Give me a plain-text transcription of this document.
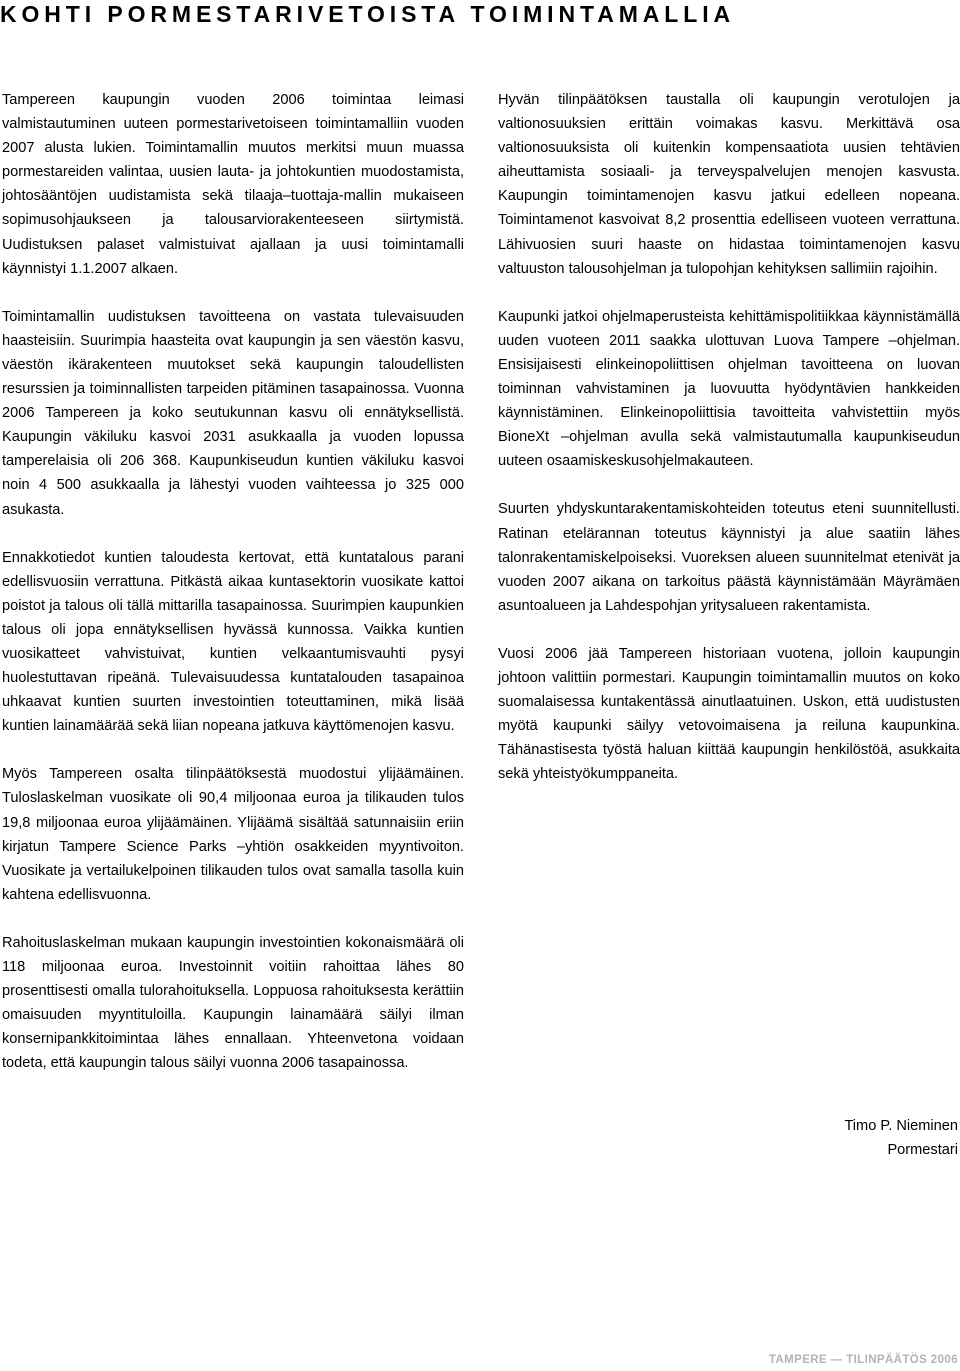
KOHTI PORMESTARIVETOISTA TOIMINTAMALLIA

Tampereen kaupungin vuoden 2006 toimintaa leimasi valmistautuminen uuteen pormestarivetoiseen toimintamalliin vuoden 2007 alusta lukien. Toimintamallin muutos merkitsi muun muassa pormestareiden valintaa, uusien lauta- ja johtokuntien muodostamista, johtosääntöjen uudistamista sekä tilaaja–tuottaja-mallin mukaiseen sopimusohjaukseen ja talousarviorakenteeseen siirtymistä. Uudistuksen palaset valmistuivat ajallaan ja uusi toimintamalli käynnistyi 1.1.2007 alkaen.

Toimintamallin uudistuksen tavoitteena on vastata tulevaisuuden haasteisiin. Suurimpia haasteita ovat kaupungin ja sen väestön kasvu, väestön ikärakenteen muutokset sekä kaupungin taloudellisten resurssien ja toiminnallisten tarpeiden pitäminen tasapainossa. Vuonna 2006 Tampereen ja koko seutukunnan kasvu oli ennätyksellistä. Kaupungin väkiluku kasvoi 2031 asukkaalla ja vuoden lopussa tamperelaisia oli 206 368. Kaupunkiseudun kuntien väkiluku kasvoi noin 4 500 asukkaalla ja lähestyi vuoden vaihteessa jo 325 000 asukasta.

Ennakkotiedot kuntien taloudesta kertovat, että kuntatalous parani edellisvuosiin verrattuna. Pitkästä aikaa kuntasektorin vuosikate kattoi poistot ja talous oli tällä mittarilla tasapainossa. Suurimpien kaupunkien talous oli jopa ennätyksellisen hyvässä kunnossa. Vaikka kuntien vuosikatteet vahvistuivat, kuntien velkaantumisvauhti pysyi huolestuttavan ripeänä. Tulevaisuudessa kuntatalouden tasapainoa uhkaavat kuntien suurten investointien toteuttaminen, mikä lisää kuntien lainamäärää sekä liian nopeana jatkuva käyttömenojen kasvu.

Myös Tampereen osalta tilinpäätöksestä muodostui ylijäämäinen. Tuloslaskelman vuosikate oli 90,4 miljoonaa euroa ja tilikauden tulos 19,8 miljoonaa euroa ylijäämäinen. Ylijäämä sisältää satunnaisiin eriin kirjatun Tampere Science Parks –yhtiön osakkeiden myyntivoiton. Vuosikate ja vertailukelpoinen tilikauden tulos ovat samalla tasolla kuin kahtena edellisvuonna.

Rahoituslaskelman mukaan kaupungin investointien kokonaismäärä oli 118 miljoonaa euroa. Investoinnit voitiin rahoittaa lähes 80 prosenttisesti omalla tulorahoituksella. Loppuosa rahoituksesta kerättiin omaisuuden myyntituloilla. Kaupungin lainamäärä säilyi ilman konsernipankkitoimintaa lähes ennallaan. Yhteenvetona voidaan todeta, että kaupungin talous säilyi vuonna 2006 tasapainossa.

Hyvän tilinpäätöksen taustalla oli kaupungin verotulojen ja valtionosuuksien erittäin voimakas kasvu. Merkittävä osa valtionosuuksista oli kuitenkin kompensaatiota uusien tehtävien aiheuttamista sosiaali- ja terveyspalvelujen menojen kasvusta. Kaupungin toimintamenojen kasvu jatkui edelleen nopeana. Toimintamenot kasvoivat 8,2 prosenttia edelliseen vuoteen verrattuna. Lähivuosien suuri haaste on hidastaa toimintamenojen kasvu valtuuston talousohjelman ja tulopohjan kehityksen sallimiin rajoihin.

Kaupunki jatkoi ohjelmaperusteista kehittämispolitiikkaa käynnistämällä uuden vuoteen 2011 saakka ulottuvan Luova Tampere –ohjelman. Ensisijaisesti elinkeinopoliittisen ohjelman tavoitteena on luovan toiminnan vahvistaminen ja luovuutta hyödyntävien hankkeiden käynnistäminen. Elinkeinopoliittisia tavoitteita vahvistettiin myös BioneXt –ohjelman avulla sekä valmistautumalla kaupunkiseudun uuteen osaamiskeskusohjelmakauteen.

Suurten yhdyskuntarakentamiskohteiden toteutus eteni suunnitellusti. Ratinan etelärannan toteutus käynnistyi ja alue saatiin lähes talonrakentamiskelpoiseksi. Vuoreksen alueen suunnitelmat etenivät ja vuoden 2007 aikana on tarkoitus päästä käynnistämään Mäyrämäen asuntoalueen ja Lahdespohjan yritysalueen rakentamista.

Vuosi 2006 jää Tampereen historiaan vuotena, jolloin kaupungin johtoon valittiin pormestari. Kaupungin toimintamallin muutos on koko suomalaisessa kuntakentässä ainutlaatuinen. Uskon, että uudistusten myötä kaupunki säilyy vetovoimaisena ja reiluna kaupunkina. Tähänastisesta työstä haluan kiittää kaupungin henkilöstöä, asukkaita sekä yhteistyökumppaneita.

Timo P. Nieminen
Pormestari
TAMPERE — TILINPÄÄTÖS 2006
